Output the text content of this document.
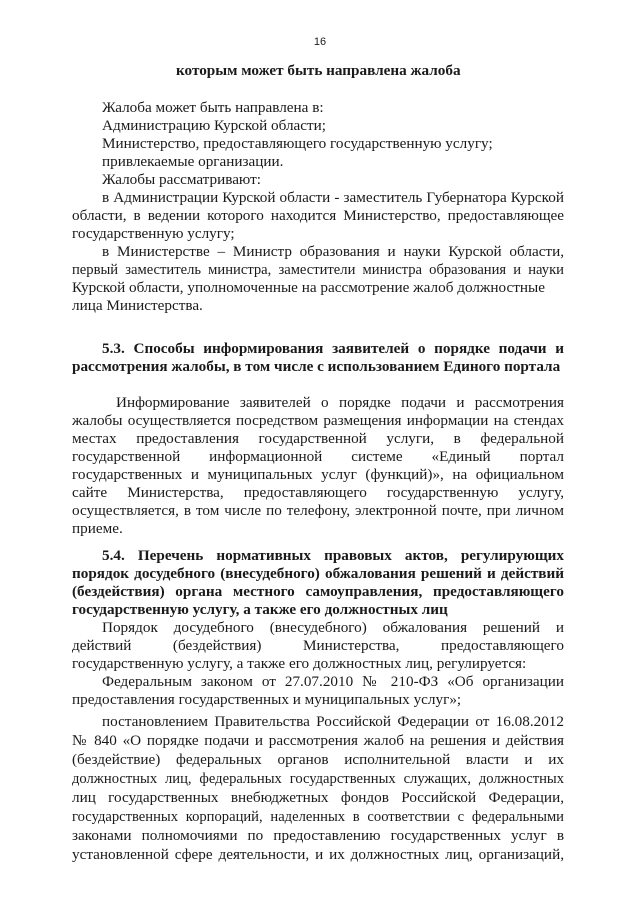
16
которым может быть направлена жалоба
Жалоба может быть направлена в:
Администрацию Курской области;
Министерство, предоставляющего государственную услугу;
привлекаемые организации.
Жалобы рассматривают:
в Администрации Курской области - заместитель Губернатора Курской
области, в ведении которого находится Министерство, предоставляющее
государственную услугу;
в Министерстве – Министр образования и науки Курской области,
первый заместитель министра, заместители министра образования и науки
Курской области, уполномоченные на рассмотрение жалоб должностные
лица Министерства.
5.3. Способы информирования заявителей о порядке подачи и
рассмотрения жалобы, в том числе с использованием Единого портала
Информирование заявителей о порядке подачи и рассмотрения
жалобы осуществляется посредством размещения информации на стендах
местах предоставления государственной услуги, в федеральной
государственной информационной системе «Единый портал
государственных и муниципальных услуг (функций)», на официальном
сайте Министерства, предоставляющего государственную услугу,
осуществляется, в том числе по телефону, электронной почте, при личном
приеме.
5.4. Перечень нормативных правовых актов, регулирующих
порядок досудебного (внесудебного) обжалования решений и действий
(бездействия) органа местного самоуправления, предоставляющего
государственную услугу, а также его должностных лиц
Порядок досудебного (внесудебного) обжалования решений и
действий (бездействия) Министерства, предоставляющего
государственную услугу, а также его должностных лиц, регулируется:
Федеральным законом от 27.07.2010 № 210-ФЗ «Об организации
предоставления государственных и муниципальных услуг»;
постановлением Правительства Российской Федерации от 16.08.2012
№ 840 «О порядке подачи и рассмотрения жалоб на решения и действия
(бездействие) федеральных органов исполнительной власти и их
должностных лиц, федеральных государственных служащих, должностных
лиц государственных внебюджетных фондов Российской Федерации,
государственных корпораций, наделенных в соответствии с федеральными
законами полномочиями по предоставлению государственных услуг в
установленной сфере деятельности, и их должностных лиц, организаций,
